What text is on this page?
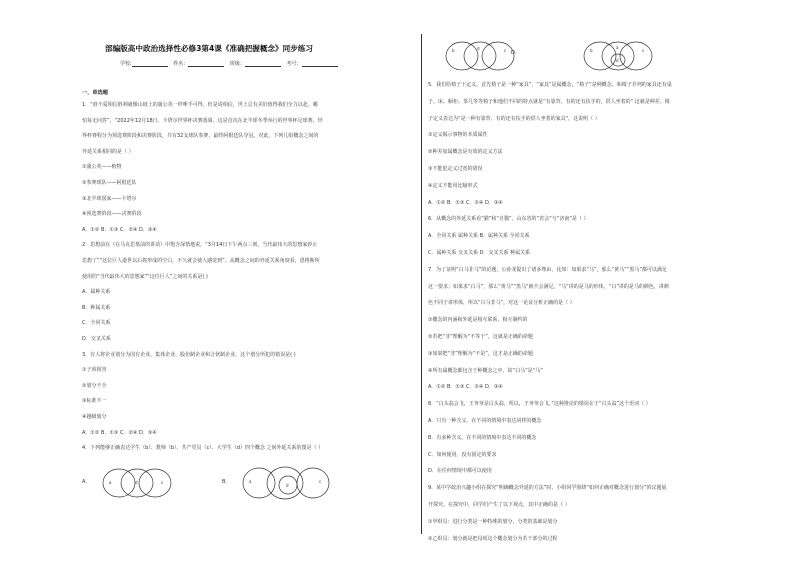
b	d	c D．	b
a
d
c
部编版高中政治选择性必修3第4课《准确把握概念》同步练习
学校:	姓名：	班级：	考号：
一、单选题
1．“谁不爱相信胜利就像山坡上的蒲公英一样唾手可得，但是请相信，世上总有美好值得我们全力以赴。哪
怕每无问答”，“2022年12月18日，卡塔尔世界杯决赛落幕，这是首次在北半球冬季举行的世界杯足球赛。世
界杯赛程分为预选赛阶段和决赛阶段，共有32支球队参赛，最终阿根廷队夺冠。对此，下列几组概念之间的
外延关系相同的是（ ）
①蒲公英——植物
②参赛球队——阿根廷队
③北半球国家——卡塔尔
④预选赛阶段——决赛阶段
A．①② B．①③ C．②④ D．③④
2．思想前在《在马克思墓前的讲话》中饱含深情地说，“3月14日下午两点三刻，当代最伟大的思想家停止
思想了”“这位巨人逝世以后将形成的空白，不久就会使人感觉到”。从概念之间的外延关系角度看，恩格斯所
使用的“当代最伟大的思想家”“这位巨人”之间的关系是( )
A．属种关系
B．种属关系
C．全同关系
D．交叉关系
3．有人将企业划分为国有企业、集体企业、股份制企业和合伙制企业。这个划分所犯的错误是( )
①子项相容
②划分不全
③标准不一
④越级划分
A．①② B．①③ C．②④ D．③④
4．下列能够正确表达学生（b）、教师（b）、共产党员（c）、大学生（d）四个概念 之间外延关系的图是（ ）
5．我们给椅子下定义，首先椅子是一种“家具”，“家具”是属概念，“椅子”是种概念。和椅子并列的家具还有桌
子、床、橱柜、茶几等等椅子和他们不同的特点就是“有靠背、有的还有扶手的，供人坐着的”.这就是种差。椅
子定义表达为“是一种有靠背、有的还有扶手的供人坐着的家具”。这说明（ ）
①定义揭示事物的本质属性
②种差加属概念是有效的定义方法
③不能犯定义过宽的错误
④定义不能用比喻形式
A．①② B．①③ C．②④ D．③④
6．从概念的外延关系看“猫”和“自猫”，山东省的“省会”与“济南”是（ ）
A．全同关系 属种关系 B．属种关系 全同关系
C．属种关系 交叉关系 D．交叉关系 种属关系
7．为了证明“白马非马”的论题，公孙龙提出了诸多理由，比如：如果求“马”，那么“黄马”“黑马”都可以满足
这一要求；如果求“白马”，那么“黄马”“黑马”就不会满足。“马”讲的是马的形体，“白”讲的是马的颜色，讲颜
色不同于讲形体，所以“白马非马”。对这一论证分析正确的是（ ）
①概念的内涵和外延是相互联系，相互制约的
②若把“非”理解为“不等于”，这就是正确的命题
③如果把“非”理解为“不是”，这才是正确的命题
④所有属概念都包含于种概念之中，故“白马”是“马”
A．①② B．①③ C．②④ D．③④
8．“白头翁会飞，王爷爷是白头翁，所以，王爷爷会飞。”这种推论的错误在于“白头翁”这个语词（ ）
A．只有一种含义，在不同的情境中表达同样的概念
B．有多种含义，在不同的情境中表达不同的概念
C．如何使用，没有固定的要求
D．在任何情境中都可以使用
9．某中学政治兴趣小组在探究“明确概念外延的方法”时，小组同学围绕“如何正确对概念进行划分”的议题展
开探究。在探究中，同学们产生了以下观点，其中正确的是（ ）
①甲组员：进行分类是一种特殊的划分，分类的基础是划分
②乙组员：划分就是把母项这个概念划分为若干部分的过程
A．	a	d	c	B．	a
d
c
